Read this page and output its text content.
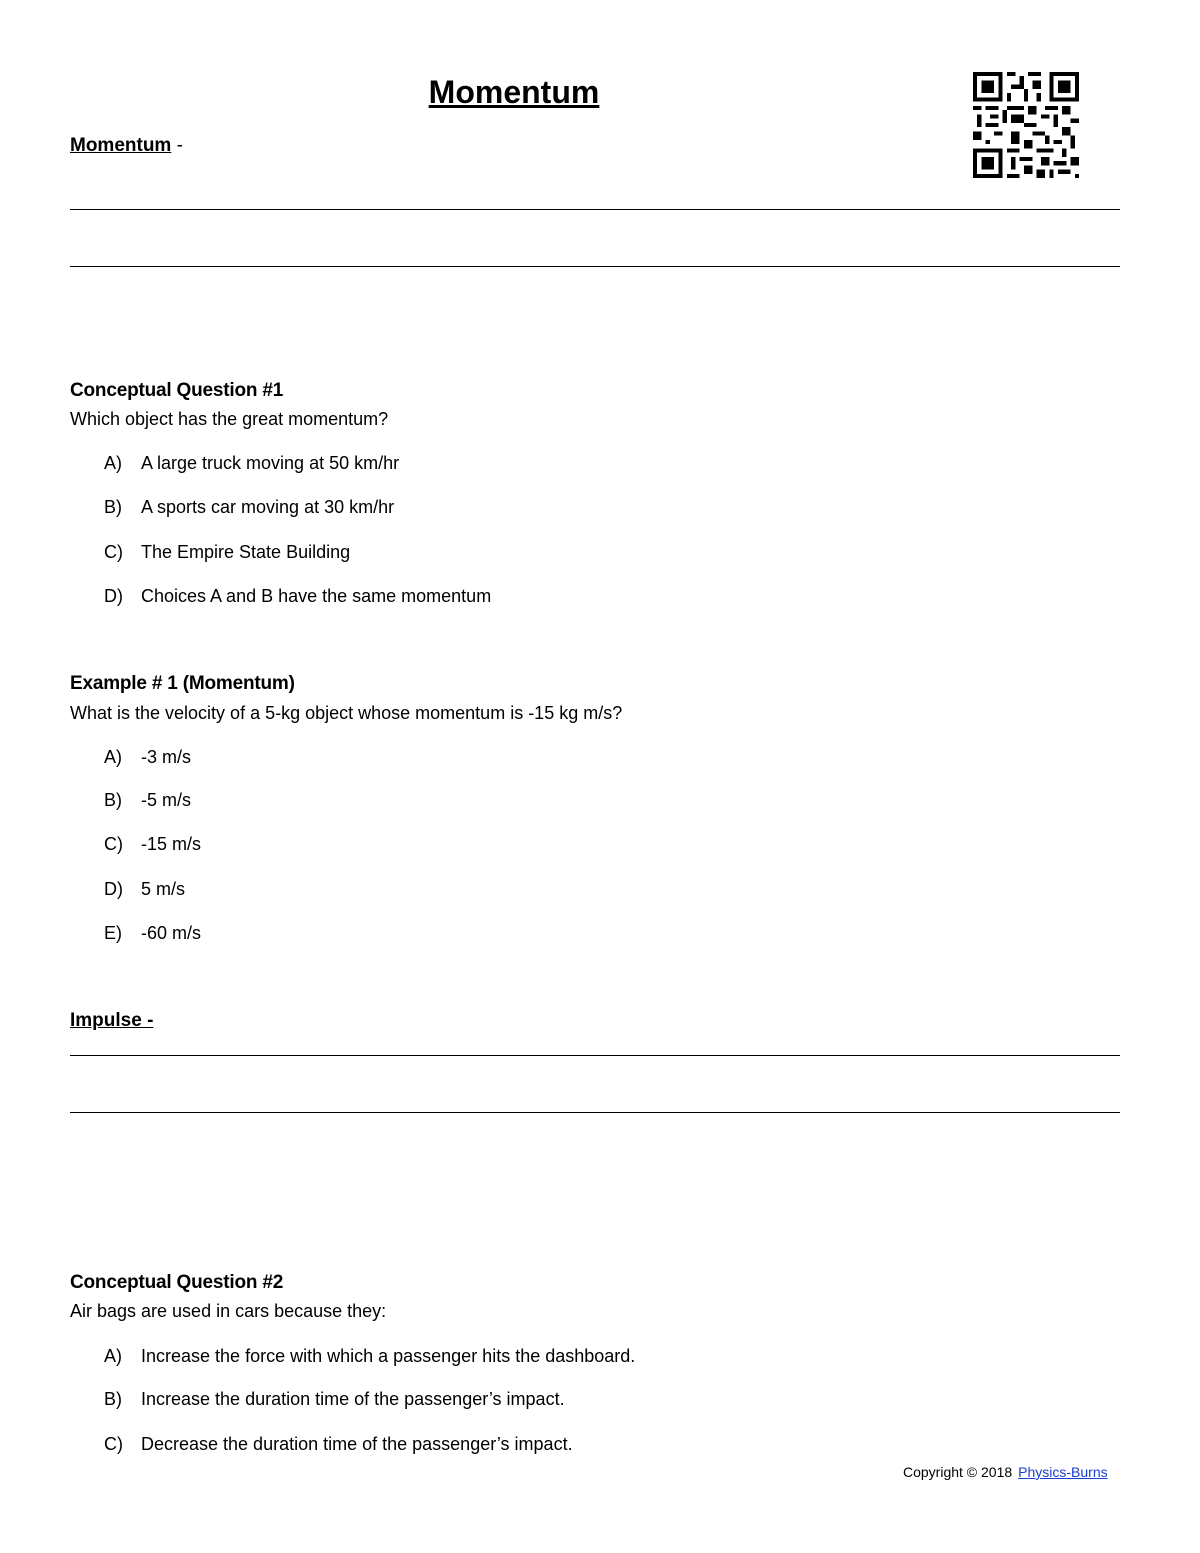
Momentum
Momentum -
Conceptual Question #1
Which object has the great momentum?
A) A large truck moving at 50 km/hr
B) A sports car moving at 30 km/hr
C) The Empire State Building
D) Choices A and B have the same momentum
Example # 1 (Momentum)
What is the velocity of a 5-kg object whose momentum is -15 kg m/s?
A) -3 m/s
B) -5 m/s
C) -15 m/s
D) 5 m/s
E) -60 m/s
Impulse -
Conceptual Question #2
Air bags are used in cars because they:
A) Increase the force with which a passenger hits the dashboard.
B) Increase the duration time of the passenger’s impact.
C) Decrease the duration time of the passenger’s impact.
Copyright © 2018 Physics-Burns
